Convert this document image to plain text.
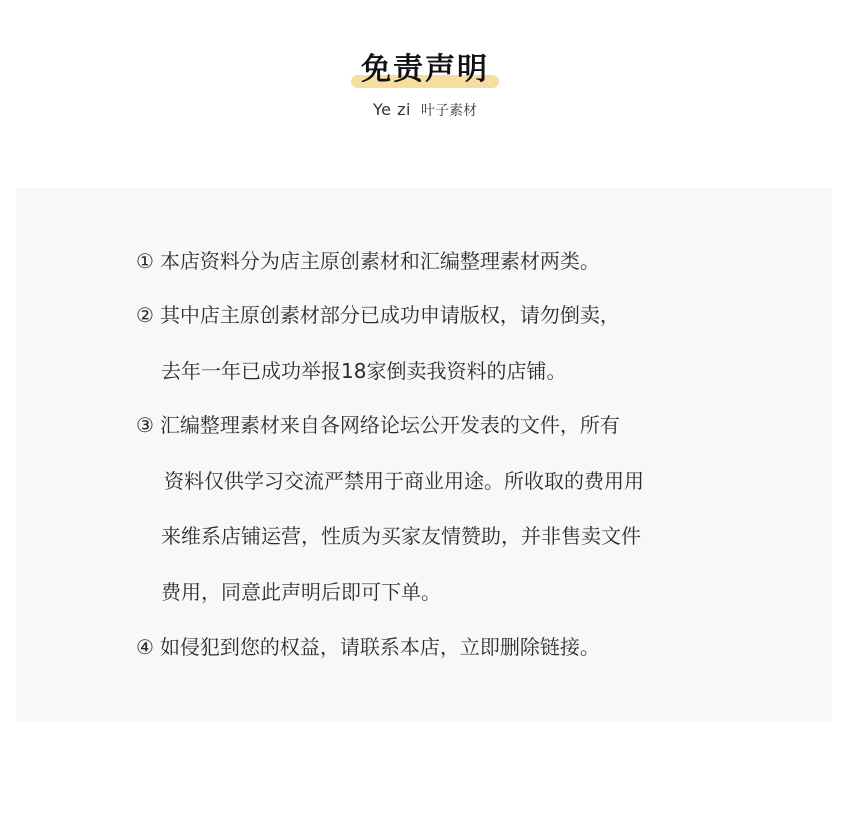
免责声明
Ye zi 叶子素材
① 本店资料分为店主原创素材和汇编整理素材两类。
② 其中店主原创素材部分已成功申请版权，请勿倒卖，
去年一年已成功举报18家倒卖我资料的店铺。
③ 汇编整理素材来自各网络论坛公开发表的文件，所有
资料仅供学习交流严禁用于商业用途。所收取的费用用
来维系店铺运营，性质为买家友情赞助，并非售卖文件
费用，同意此声明后即可下单。
④ 如侵犯到您的权益，请联系本店，立即删除链接。
